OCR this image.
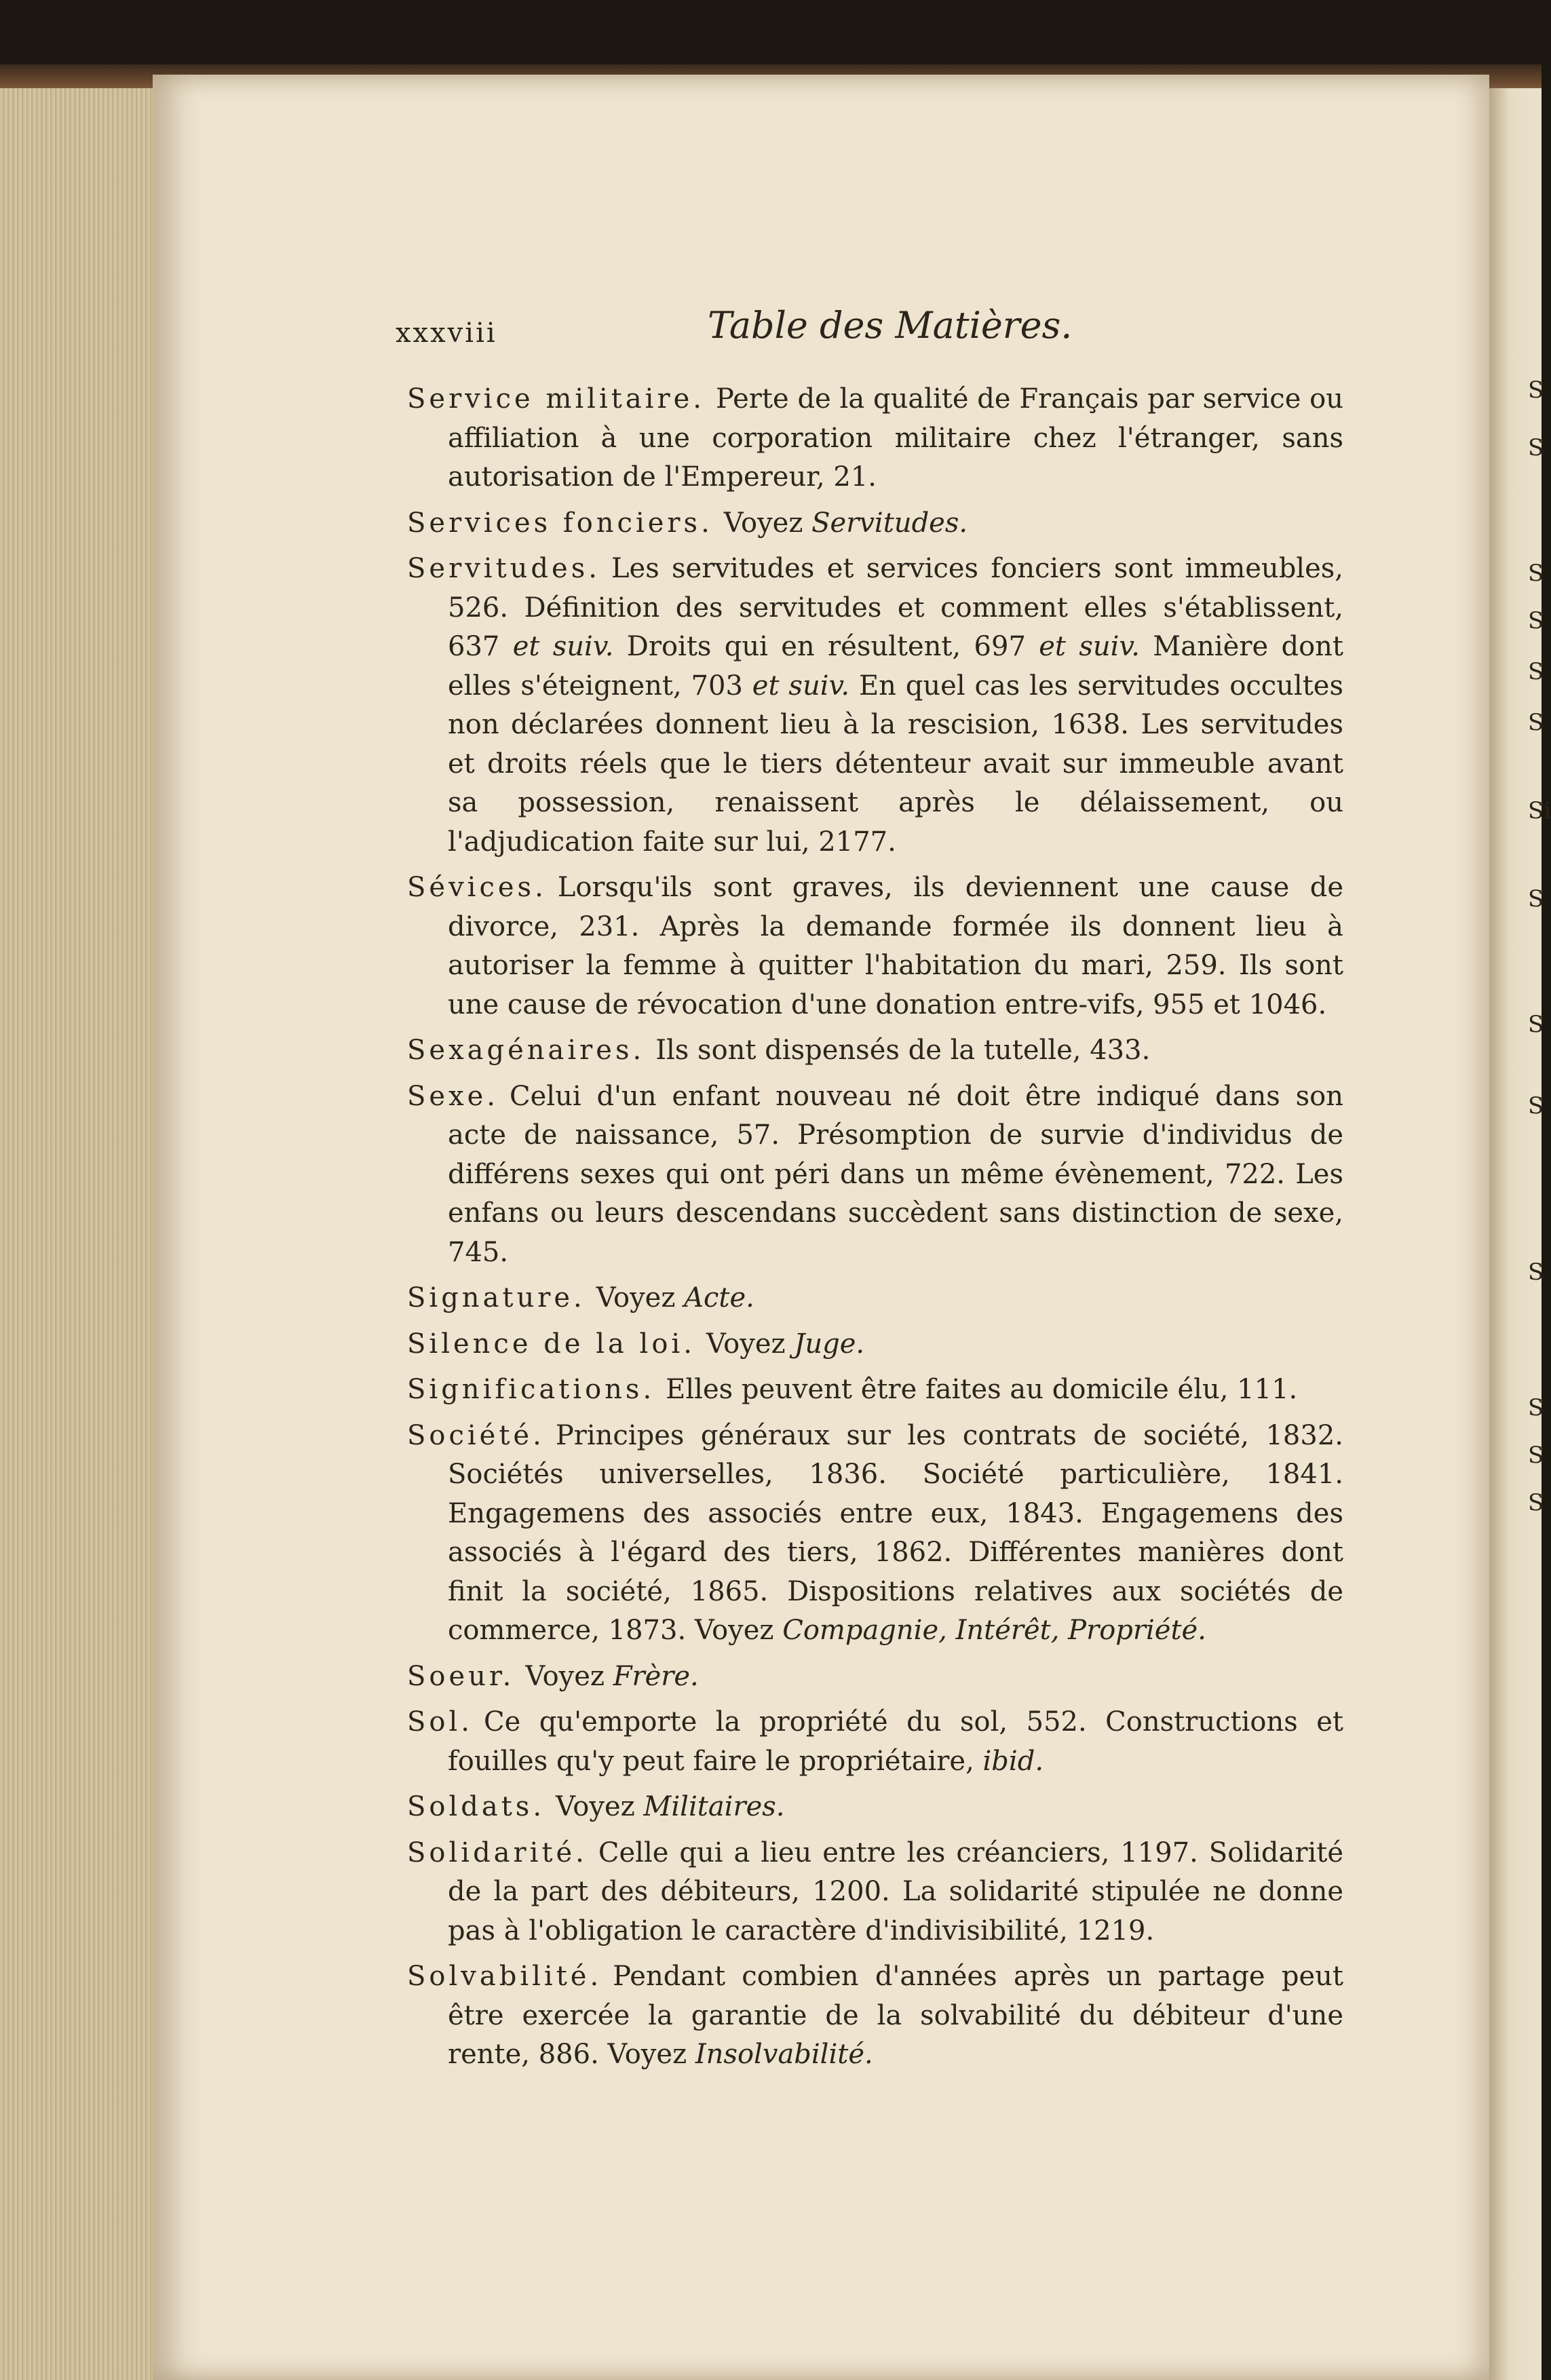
S
S
S
S
S
S
Si
S
S
S
S
S
S
S
xxxviii	Table des Matières.

Service militaire. Perte de la qualité de Français par service ou affiliation à une corporation militaire chez l'étranger, sans autorisation de l'Empereur, 21.

Services fonciers. Voyez Servitudes.

Servitudes. Les servitudes et services fonciers sont immeubles, 526. Définition des servitudes et comment elles s'établissent, 637 et suiv. Droits qui en résultent, 697 et suiv. Manière dont elles s'éteignent, 703 et suiv. En quel cas les servitudes occultes non déclarées donnent lieu à la rescision, 1638. Les servitudes et droits réels que le tiers détenteur avait sur immeuble avant sa possession, renaissent après le délaissement, ou l'adjudication faite sur lui, 2177.

Sévices. Lorsqu'ils sont graves, ils deviennent une cause de divorce, 231. Après la demande formée ils donnent lieu à autoriser la femme à quitter l'habitation du mari, 259. Ils sont une cause de révocation d'une donation entre-vifs, 955 et 1046.

Sexagénaires. Ils sont dispensés de la tutelle, 433.

Sexe. Celui d'un enfant nouveau né doit être indiqué dans son acte de naissance, 57. Présomption de survie d'individus de différens sexes qui ont péri dans un même évènement, 722. Les enfans ou leurs descendans succèdent sans distinction de sexe, 745.

Signature. Voyez Acte.

Silence de la loi. Voyez Juge.

Significations. Elles peuvent être faites au domicile élu, 111.

Société. Principes généraux sur les contrats de société, 1832. Sociétés universelles, 1836. Société particulière, 1841. Engagemens des associés entre eux, 1843. Engagemens des associés à l'égard des tiers, 1862. Différentes manières dont finit la société, 1865. Dispositions relatives aux sociétés de commerce, 1873. Voyez Compagnie, Intérêt, Propriété.

Soeur. Voyez Frère.

Sol. Ce qu'emporte la propriété du sol, 552. Constructions et fouilles qu'y peut faire le propriétaire, ibid.

Soldats. Voyez Militaires.

Solidarité. Celle qui a lieu entre les créanciers, 1197. Solidarité de la part des débiteurs, 1200. La solidarité stipulée ne donne pas à l'obligation le caractère d'indivisibilité, 1219.

Solvabilité. Pendant combien d'années après un partage peut être exercée la garantie de la solvabilité du débiteur d'une rente, 886. Voyez Insolvabilité.
